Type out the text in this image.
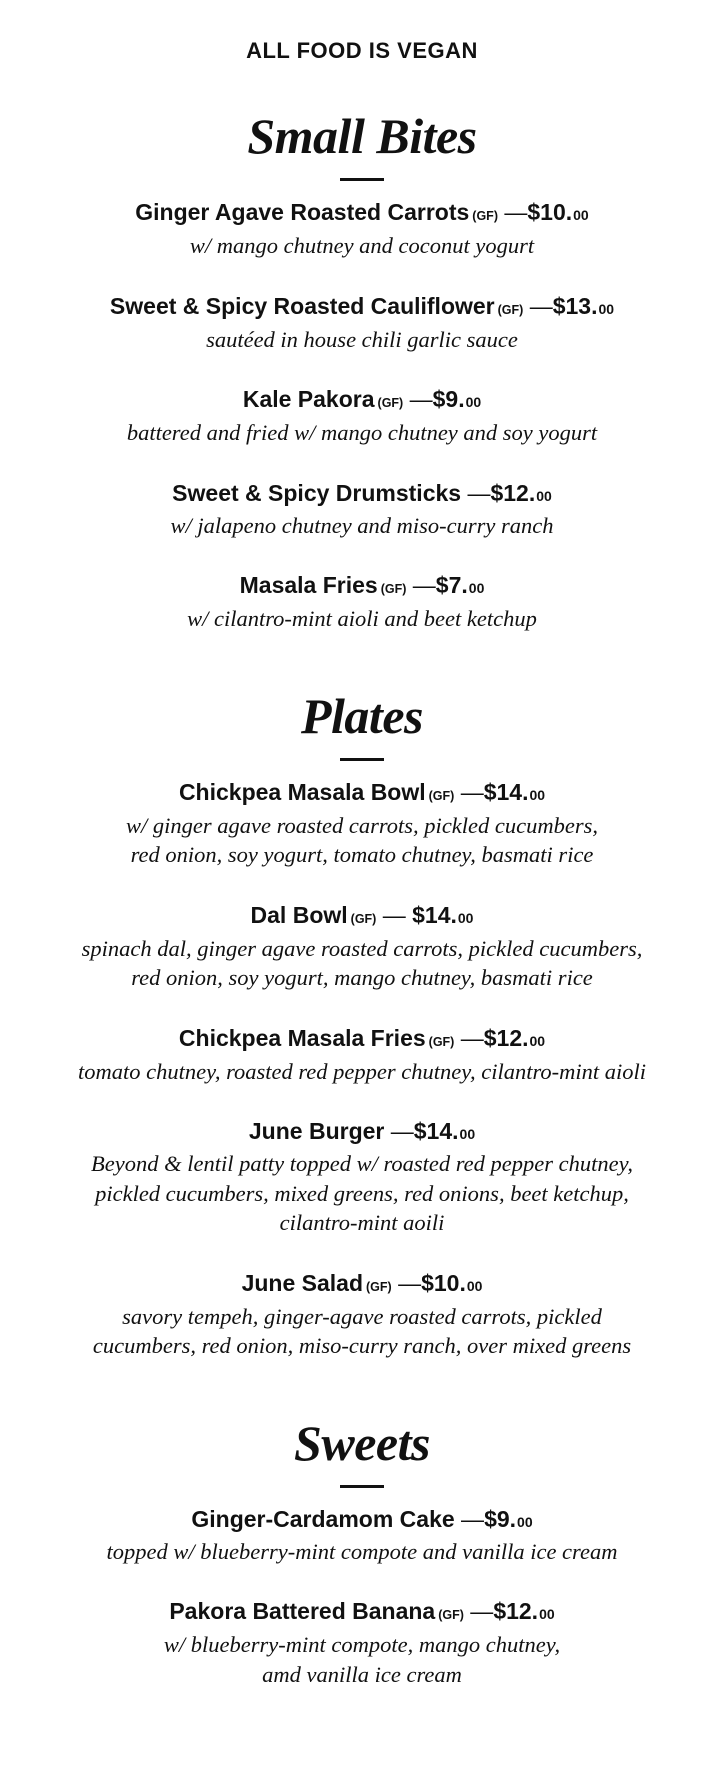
ALL FOOD IS VEGAN
Small Bites
Ginger Agave Roasted Carrots (GF) —$10.00
w/ mango chutney and coconut yogurt
Sweet & Spicy Roasted Cauliflower (GF) —$13.00
sautéed in house chili garlic sauce
Kale Pakora (GF) —$9.00
battered and fried w/ mango chutney and soy yogurt
Sweet & Spicy Drumsticks —$12.00
w/ jalapeno chutney and miso-curry ranch
Masala Fries (GF) —$7.00
w/ cilantro-mint aioli and beet ketchup
Plates
Chickpea Masala Bowl (GF) —$14.00
w/ ginger agave roasted carrots, pickled cucumbers,
red onion, soy yogurt, tomato chutney, basmati rice
Dal Bowl (GF) — $14.00
spinach dal, ginger agave roasted carrots, pickled cucumbers,
red onion, soy yogurt, mango chutney, basmati rice
Chickpea Masala Fries (GF) —$12.00
tomato chutney, roasted red pepper chutney, cilantro-mint aioli
June Burger —$14.00
Beyond & lentil patty topped w/ roasted red pepper chutney,
pickled cucumbers, mixed greens, red onions, beet ketchup,
cilantro-mint aoili
June Salad (GF) —$10.00
savory tempeh, ginger-agave roasted carrots, pickled
cucumbers, red onion, miso-curry ranch, over mixed greens
Sweets
Ginger-Cardamom Cake —$9.00
topped w/ blueberry-mint compote and vanilla ice cream
Pakora Battered Banana (GF) —$12.00
w/ blueberry-mint compote, mango chutney,
amd vanilla ice cream
